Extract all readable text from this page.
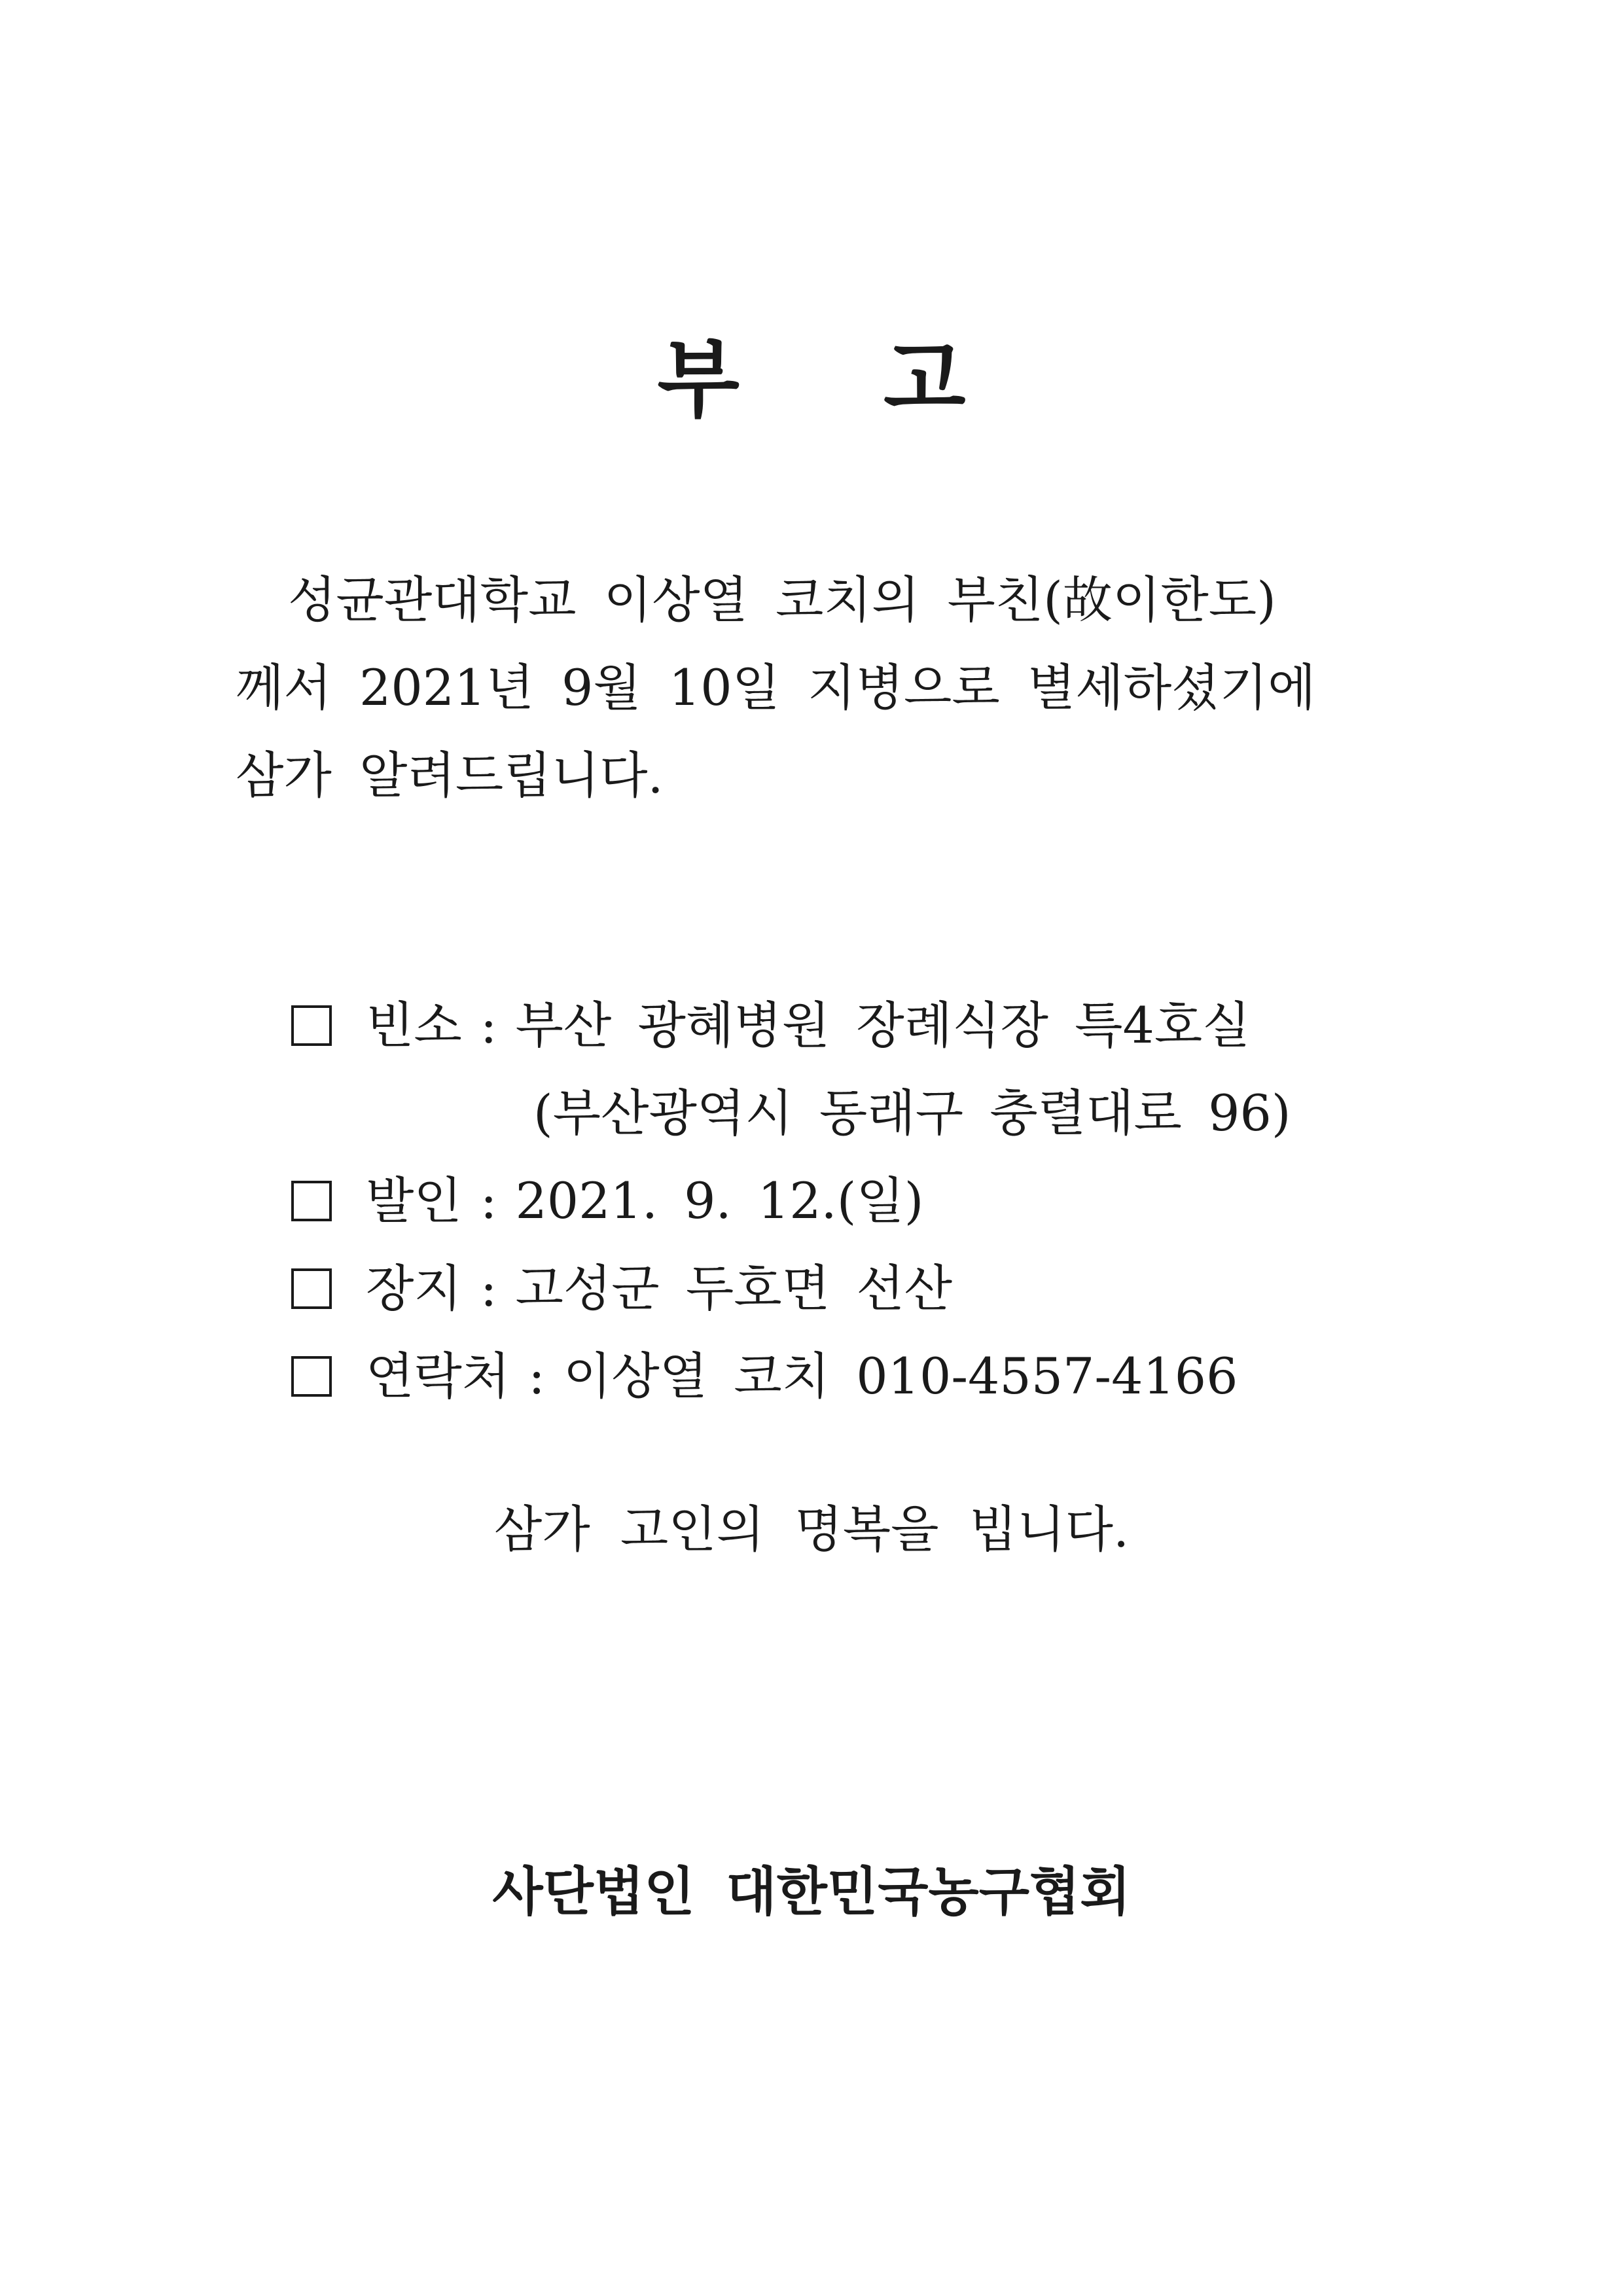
부 고
성균관대학교 이상열 코치의 부친(故이한도)
께서 2021년 9월 10일 지병으로 별세하셨기에
삼가 알려드립니다.
빈소 : 부산 광혜병원 장례식장 특4호실
(부산광역시 동래구 충렬대로 96)
발인 : 2021. 9. 12.(일)
장지 : 고성군 두호면 선산
연락처 : 이상열 코치 010-4557-4166
삼가 고인의 명복을 빕니다.
사단법인 대한민국농구협회
